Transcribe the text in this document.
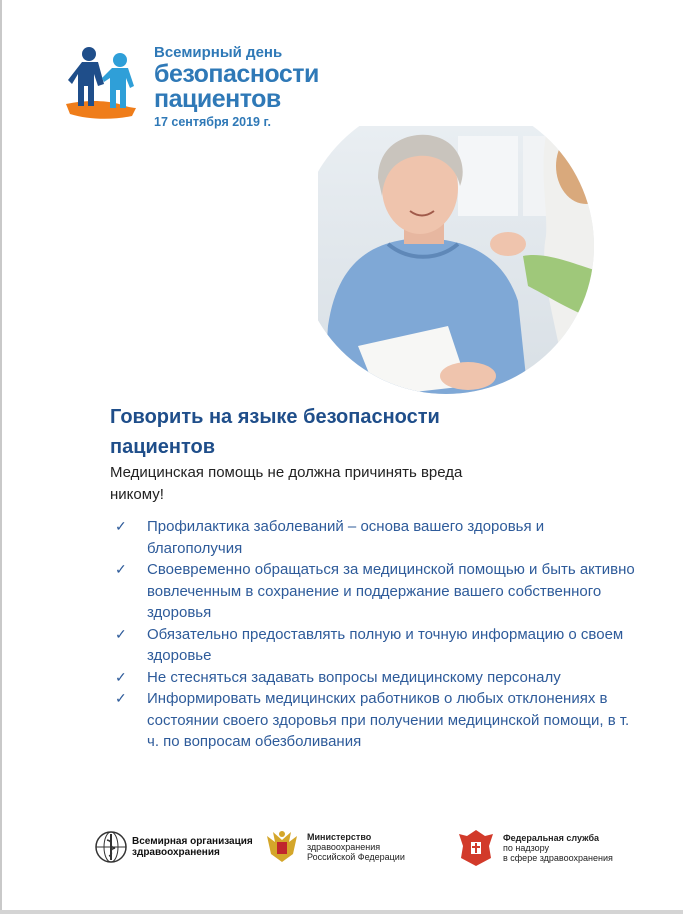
Всемирный день
безопасности
пациентов
17 сентября 2019 г.
Говорить на языке безопасности пациентов
Медицинская помощь не должна причинять вреда никому!
✓ Профилактика заболеваний – основа вашего здоровья и благополучия
✓ Своевременно обращаться за медицинской помощью и быть активно вовлеченным в сохранение и поддержание вашего собственного здоровья
✓ Обязательно предоставлять полную и точную информацию о своем здоровье
✓ Не стесняться задавать вопросы медицинскому персоналу
✓ Информировать медицинских работников о любых отклонениях в состоянии своего здоровья при получении медицинской помощи, в т. ч. по вопросам обезболивания
Всемирная организация
здравоохранения
Министерство
здравоохранения
Российской Федерации
Федеральная служба
по надзору
в сфере здравоохранения
